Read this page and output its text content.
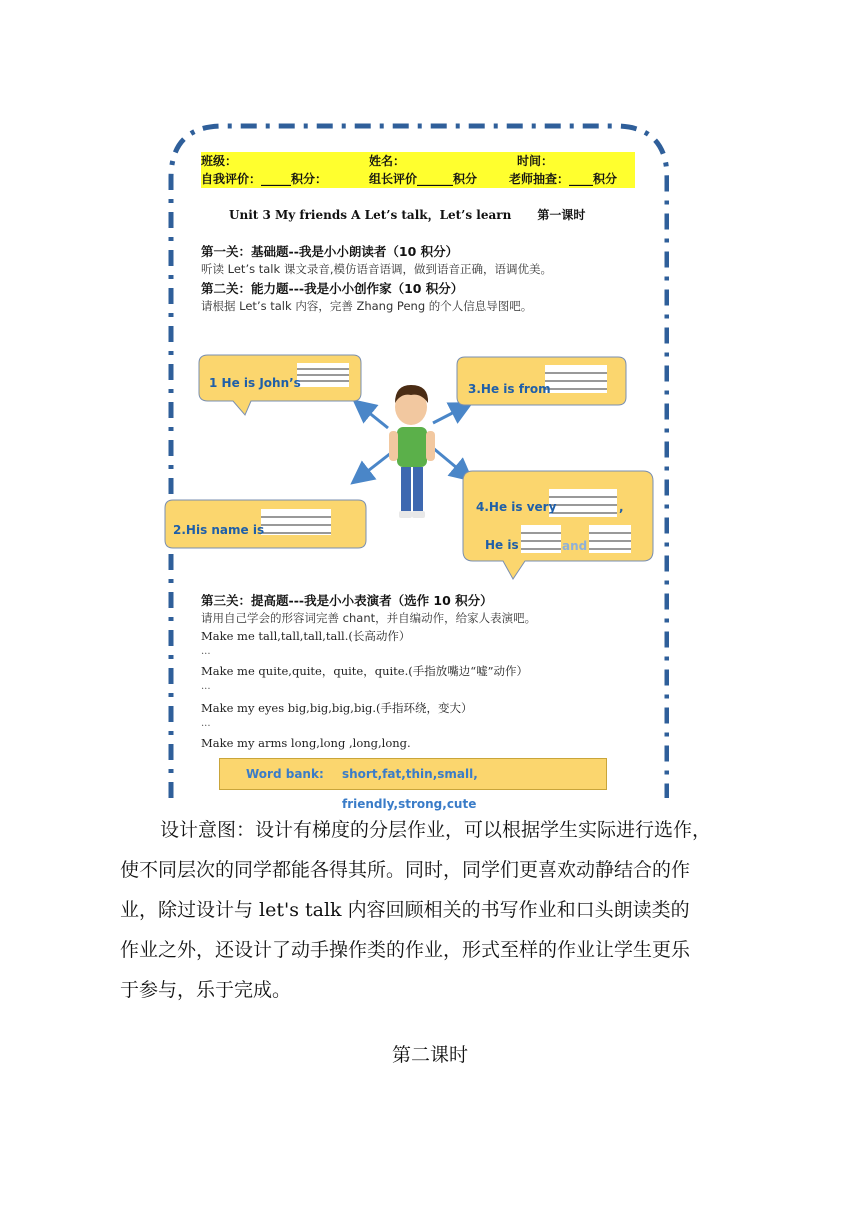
班级：	姓名：	时间：
自我评价：_____积分：	组长评价______积分	老师抽查：____积分
Unit 3 My friends A Let’s talk，Let’s learn 第一课时
第一关：基础题--我是小小朗读者（10 积分）
听读 Let’s talk 课文录音,模仿语音语调，做到语音正确，语调优美。
第二关：能力题---我是小小创作家（10 积分）
请根据 Let’s talk 内容，完善 Zhang Peng 的个人信息导图吧。
1 He is John’s	3.He is from
2.His name is
4.He is very	,
He is	and
第三关：提高题---我是小小表演者（选作 10 积分）
请用自己学会的形容词完善 chant，并自编动作，给家人表演吧。
Make me tall,tall,tall,tall.(长高动作）
...
Make me quite,quite，quite，quite.(手指放嘴边“嘘”动作）
...
Make my eyes big,big,big,big.(手指环绕，变大）
...
Make my arms long,long ,long,long.
Word bank: short,fat,thin,small, friendly,strong,cute
设计意图：设计有梯度的分层作业，可以根据学生实际进行选作，
使不同层次的同学都能各得其所。同时，同学们更喜欢动静结合的作
业，除过设计与 let's talk 内容回顾相关的书写作业和口头朗读类的
作业之外，还设计了动手操作类的作业，形式至样的作业让学生更乐
于参与，乐于完成。
第二课时
